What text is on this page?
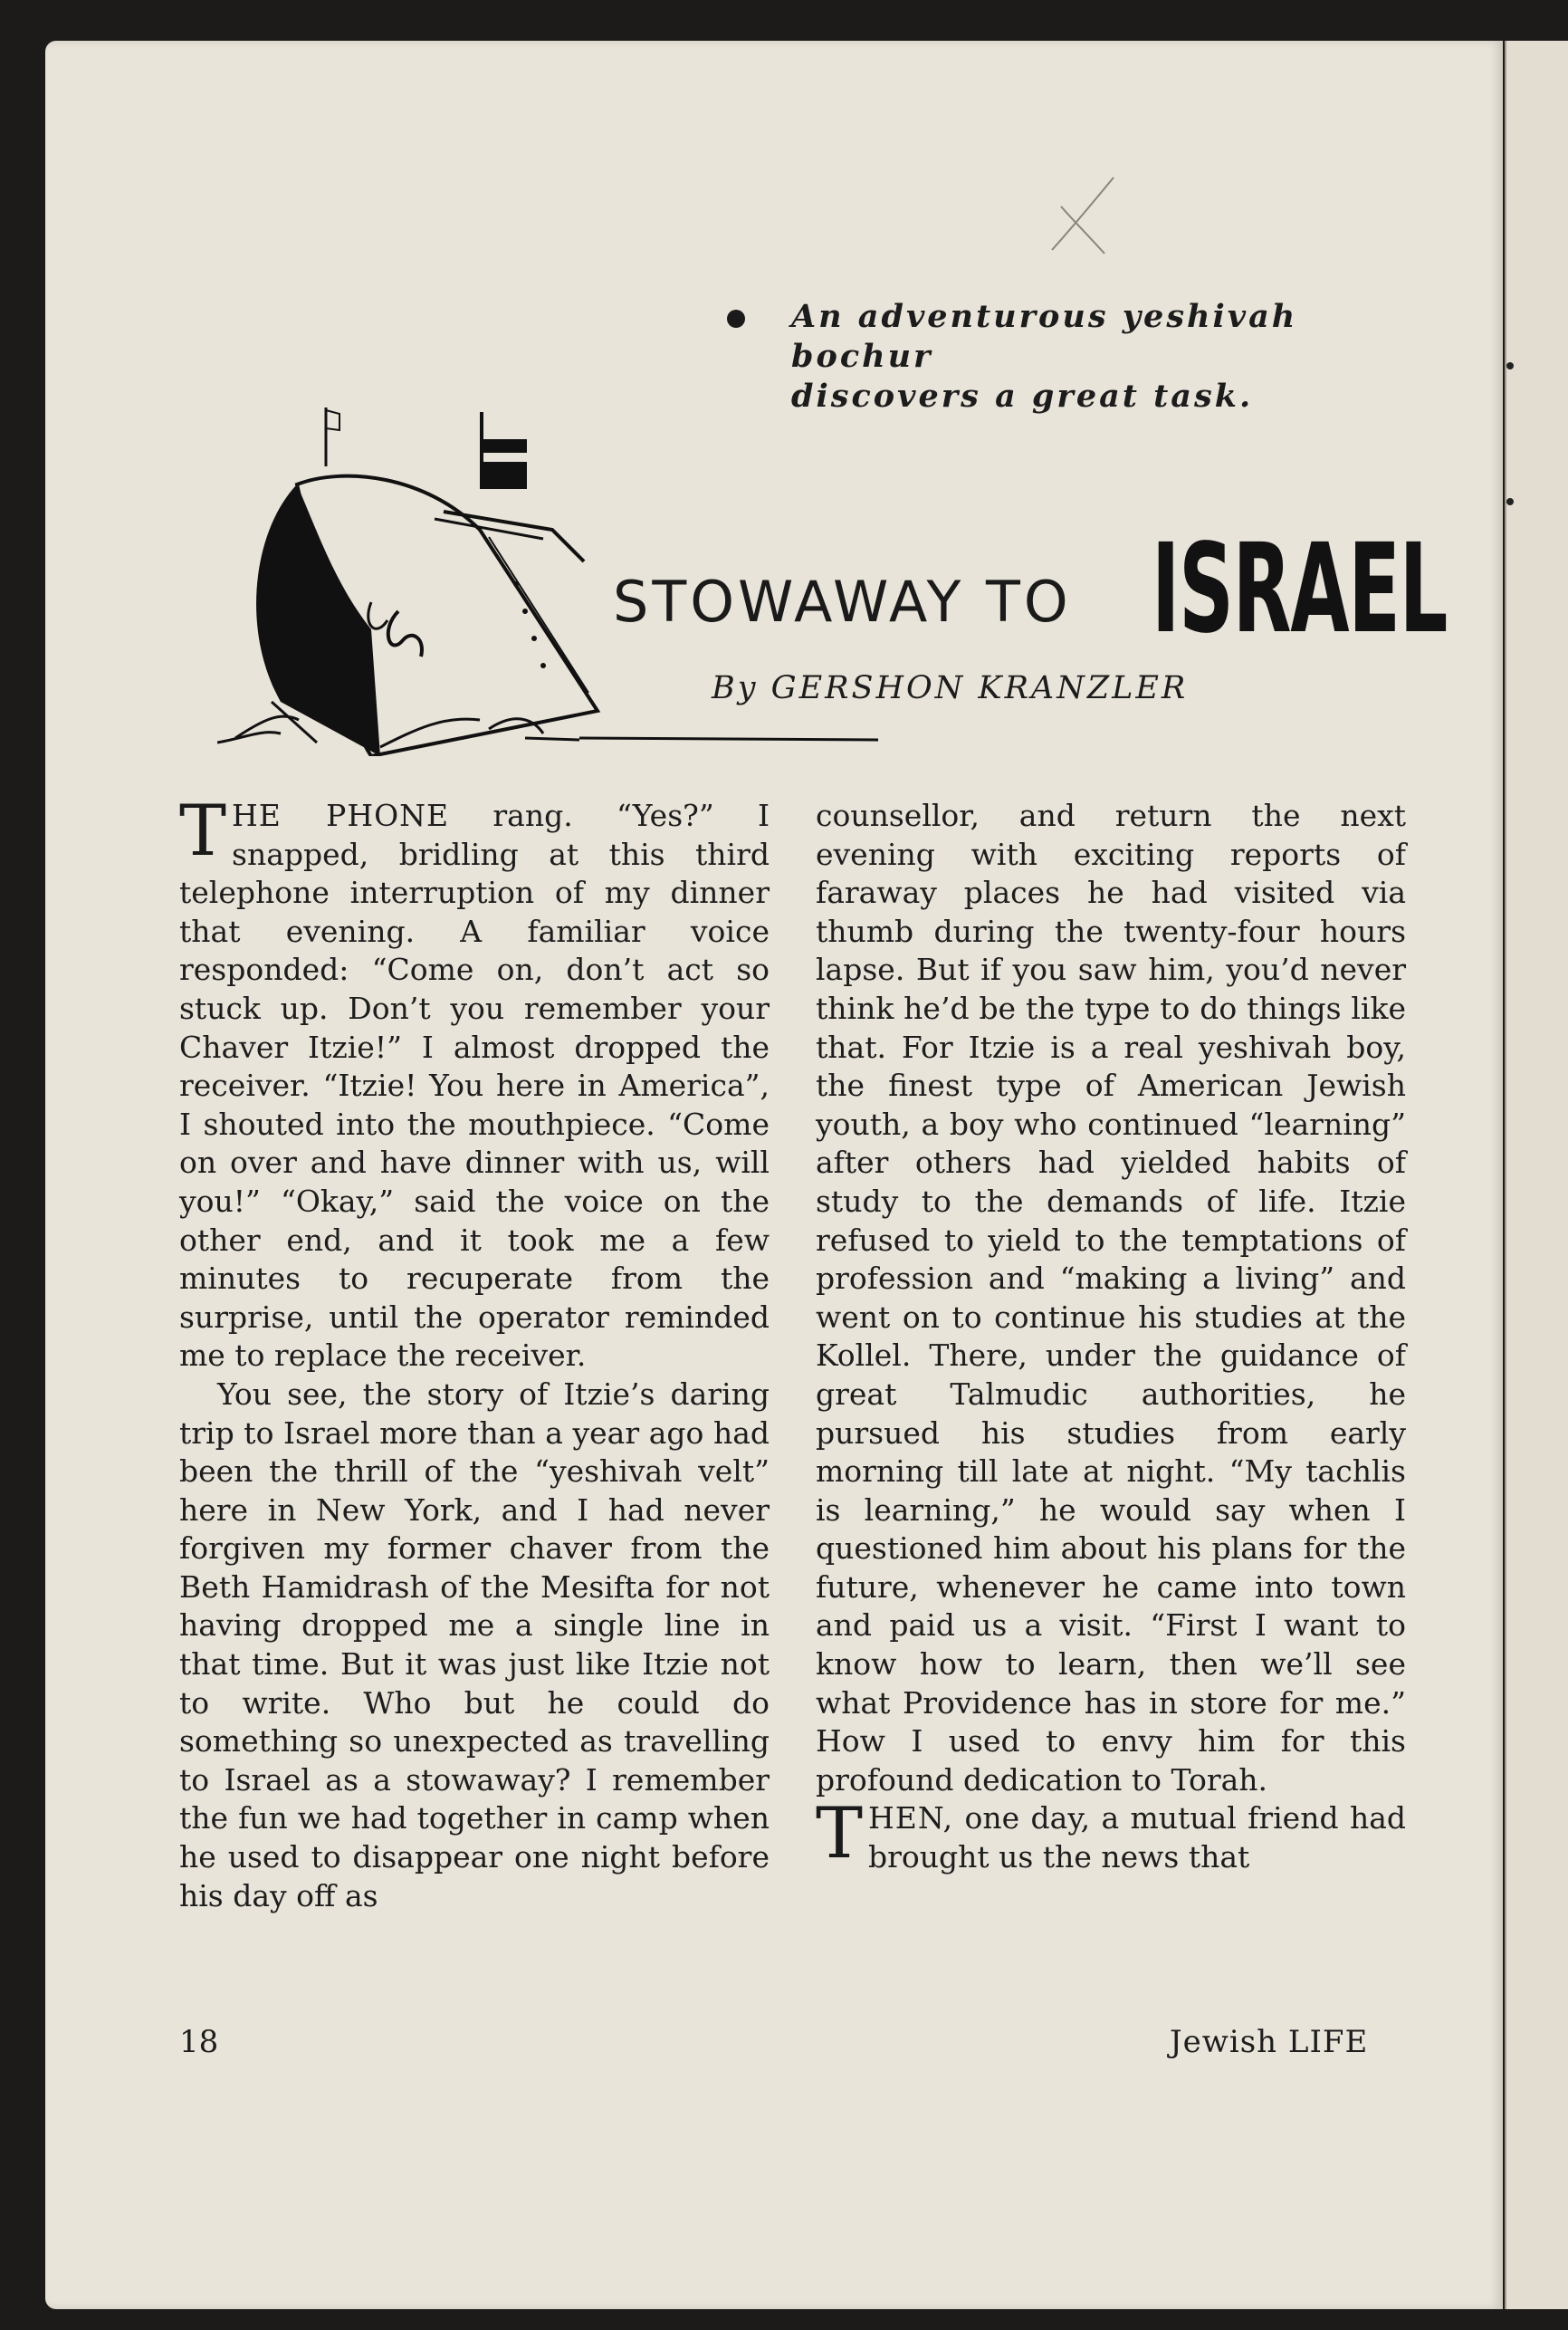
An adventurous yeshivah bochur
discovers a great task.
STOWAWAY TO ISRAEL
By GERSHON KRANZLER

THE PHONE rang. “Yes?” I snapped, bridling at this third telephone interruption of my dinner that evening. A familiar voice responded: “Come on, don’t act so stuck up. Don’t you remember your Chaver Itzie!” I almost dropped the receiver. “Itzie! You here in America”, I shouted into the mouthpiece. “Come on over and have dinner with us, will you!” “Okay,” said the voice on the other end, and it took me a few minutes to recuperate from the surprise, until the operator reminded me to replace the receiver.

You see, the story of Itzie’s daring trip to Israel more than a year ago had been the thrill of the “yeshivah velt” here in New York, and I had never forgiven my former chaver from the Beth Hamidrash of the Mesifta for not having dropped me a single line in that time. But it was just like Itzie not to write. Who but he could do something so unexpected as travelling to Israel as a stowaway? I remember the fun we had together in camp when he used to disappear one night before his day off as

counsellor, and return the next evening with exciting reports of faraway places he had visited via thumb during the twenty-four hours lapse. But if you saw him, you’d never think he’d be the type to do things like that. For Itzie is a real yeshivah boy, the finest type of American Jewish youth, a boy who continued “learning” after others had yielded habits of study to the demands of life. Itzie refused to yield to the temptations of profession and “making a living” and went on to continue his studies at the Kollel. There, under the guidance of great Talmudic authorities, he pursued his studies from early morning till late at night. “My tachlis is learning,” he would say when I questioned him about his plans for the future, whenever he came into town and paid us a visit. “First I want to know how to learn, then we’ll see what Providence has in store for me.” How I used to envy him for this profound dedication to Torah.

THEN, one day, a mutual friend had brought us the news that

18	Jewish LIFE
